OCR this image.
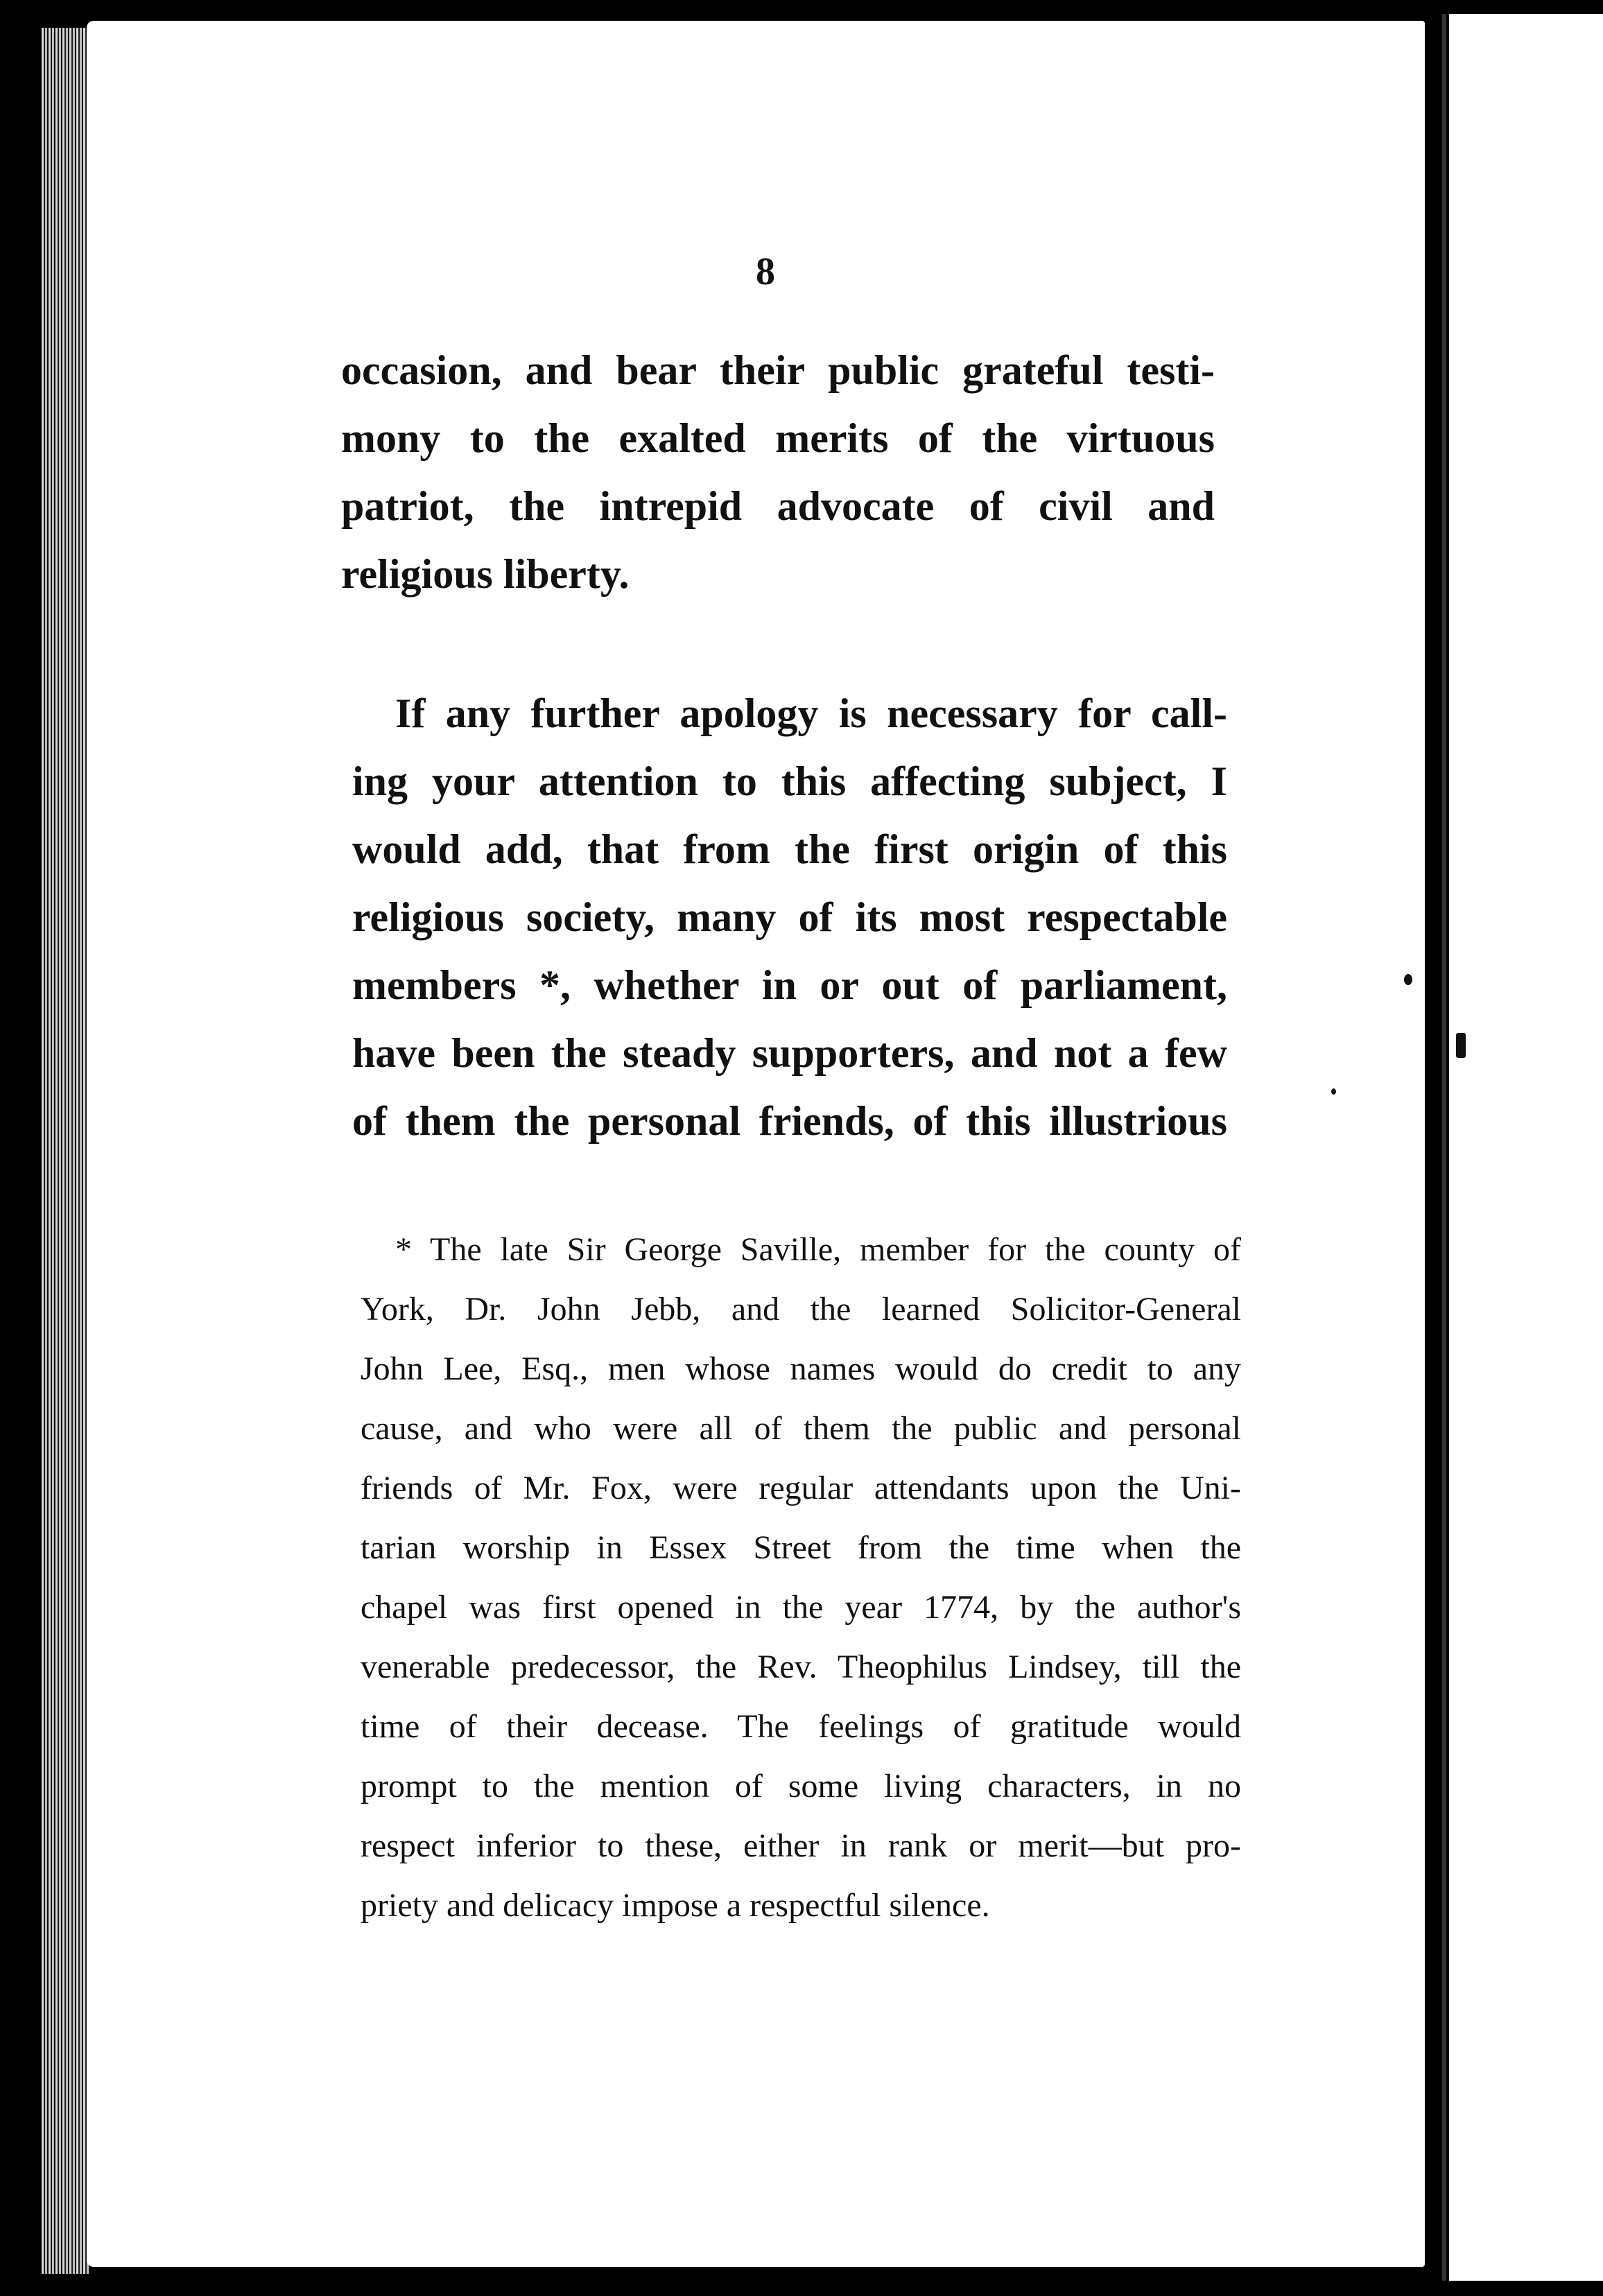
8
occasion, and bear their public grateful testi-
mony to the exalted merits of the virtuous
patriot, the intrepid advocate of civil and
religious liberty.
If any further apology is necessary for call-
ing your attention to this affecting subject, I
would add, that from the first origin of this
religious society, many of its most respectable
members *, whether in or out of parliament,
have been the steady supporters, and not a few
of them the personal friends, of this illustrious
* The late Sir George Saville, member for the county of
York, Dr. John Jebb, and the learned Solicitor-General
John Lee, Esq., men whose names would do credit to any
cause, and who were all of them the public and personal
friends of Mr. Fox, were regular attendants upon the Uni-
tarian worship in Essex Street from the time when the
chapel was first opened in the year 1774, by the author's
venerable predecessor, the Rev. Theophilus Lindsey, till the
time of their decease. The feelings of gratitude would
prompt to the mention of some living characters, in no
respect inferior to these, either in rank or merit—but pro-
priety and delicacy impose a respectful silence.
